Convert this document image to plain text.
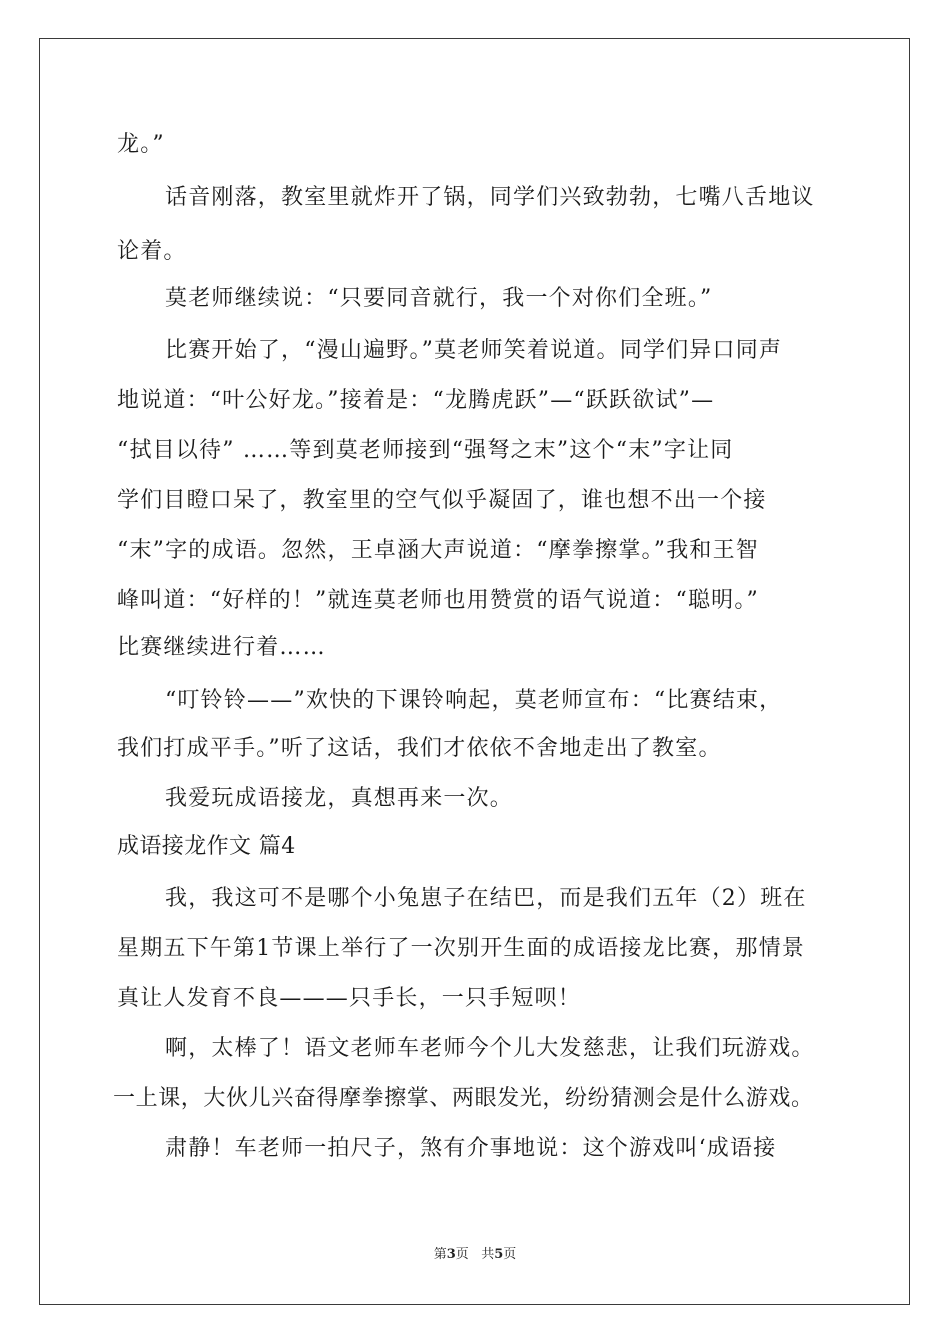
龙。”
话音刚落，教室里就炸开了锅，同学们兴致勃勃，七嘴八舌地议
论着。
莫老师继续说：“只要同音就行，我一个对你们全班。”
比赛开始了，“漫山遍野。”莫老师笑着说道。同学们异口同声
地说道：“叶公好龙。”接着是：“龙腾虎跃”—“跃跃欲试”—
“拭目以待” ……等到莫老师接到“强弩之末”这个“末”字让同
学们目瞪口呆了，教室里的空气似乎凝固了，谁也想不出一个接
“末”字的成语。忽然，王卓涵大声说道：“摩拳擦掌。”我和王智
峰叫道：“好样的！”就连莫老师也用赞赏的语气说道：“聪明。”
比赛继续进行着……
“叮铃铃——”欢快的下课铃响起，莫老师宣布：“比赛结束，
我们打成平手。”听了这话，我们才依依不舍地走出了教室。
我爱玩成语接龙，真想再来一次。
成语接龙作文 篇4
我，我这可不是哪个小兔崽子在结巴，而是我们五年（2）班在
星期五下午第1节课上举行了一次别开生面的成语接龙比赛，那情景
真让人发育不良———只手长，一只手短呗！
啊，太棒了！语文老师车老师今个儿大发慈悲，让我们玩游戏。
一上课，大伙儿兴奋得摩拳擦掌、两眼发光，纷纷猜测会是什么游戏。
肃静！车老师一拍尺子，煞有介事地说：这个游戏叫‘成语接
第3页 共5页
